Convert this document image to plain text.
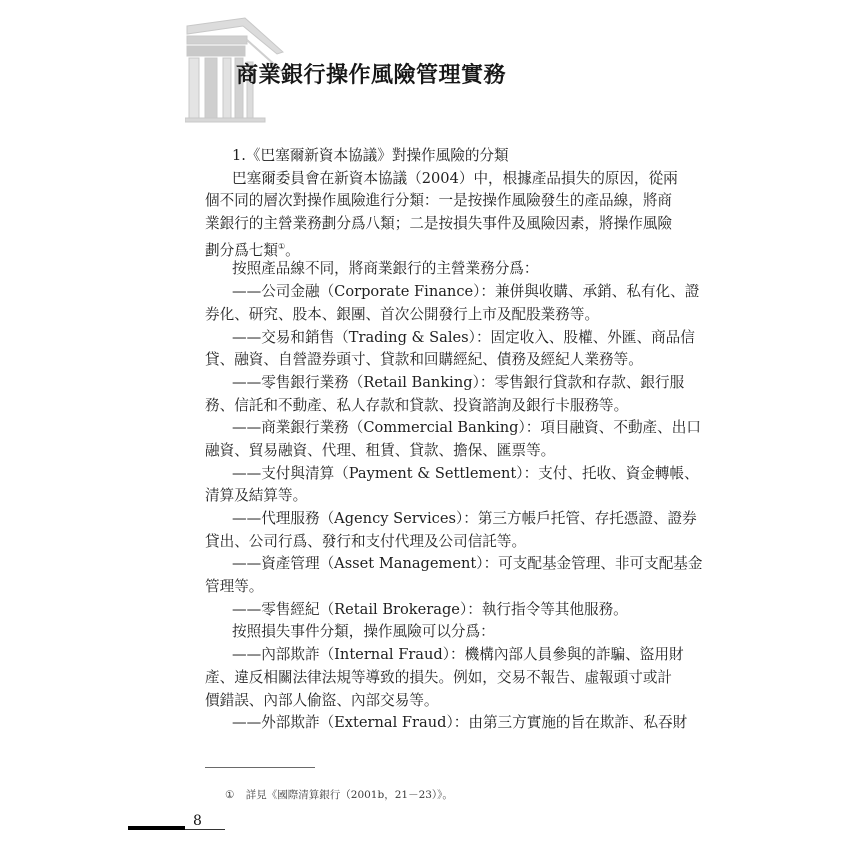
商業銀行操作風險管理實務
1.《巴塞爾新資本協議》對操作風險的分類
巴塞爾委員會在新資本協議（2004）中，根據產品損失的原因，從兩
個不同的層次對操作風險進行分類：一是按操作風險發生的產品線，將商
業銀行的主營業務劃分爲八類；二是按損失事件及風險因素，將操作風險
劃分爲七類①。
按照產品線不同，將商業銀行的主營業務分爲：
——公司金融（Corporate Finance）：兼併與收購、承銷、私有化、證
券化、研究、股本、銀團、首次公開發行上市及配股業務等。
——交易和銷售（Trading & Sales）：固定收入、股權、外匯、商品信
貸、融資、自營證券頭寸、貸款和回購經紀、債務及經紀人業務等。
——零售銀行業務（Retail Banking）：零售銀行貸款和存款、銀行服
務、信託和不動產、私人存款和貸款、投資諮詢及銀行卡服務等。
——商業銀行業務（Commercial Banking）：項目融資、不動產、出口
融資、貿易融資、代理、租賃、貸款、擔保、匯票等。
——支付與清算（Payment & Settlement）：支付、托收、資金轉帳、
清算及結算等。
——代理服務（Agency Services）：第三方帳戶托管、存托憑證、證券
貸出、公司行爲、發行和支付代理及公司信託等。
——資產管理（Asset Management）：可支配基金管理、非可支配基金
管理等。
——零售經紀（Retail Brokerage）：執行指令等其他服務。
按照損失事件分類，操作風險可以分爲：
——內部欺詐（Internal Fraud）：機構內部人員參與的詐騙、盜用財
產、違反相關法律法規等導致的損失。例如，交易不報告、虛報頭寸或計
價錯誤、內部人偷盜、內部交易等。
——外部欺詐（External Fraud）：由第三方實施的旨在欺詐、私吞財
① 詳見《國際清算銀行（2001b，21－23）》。
8
